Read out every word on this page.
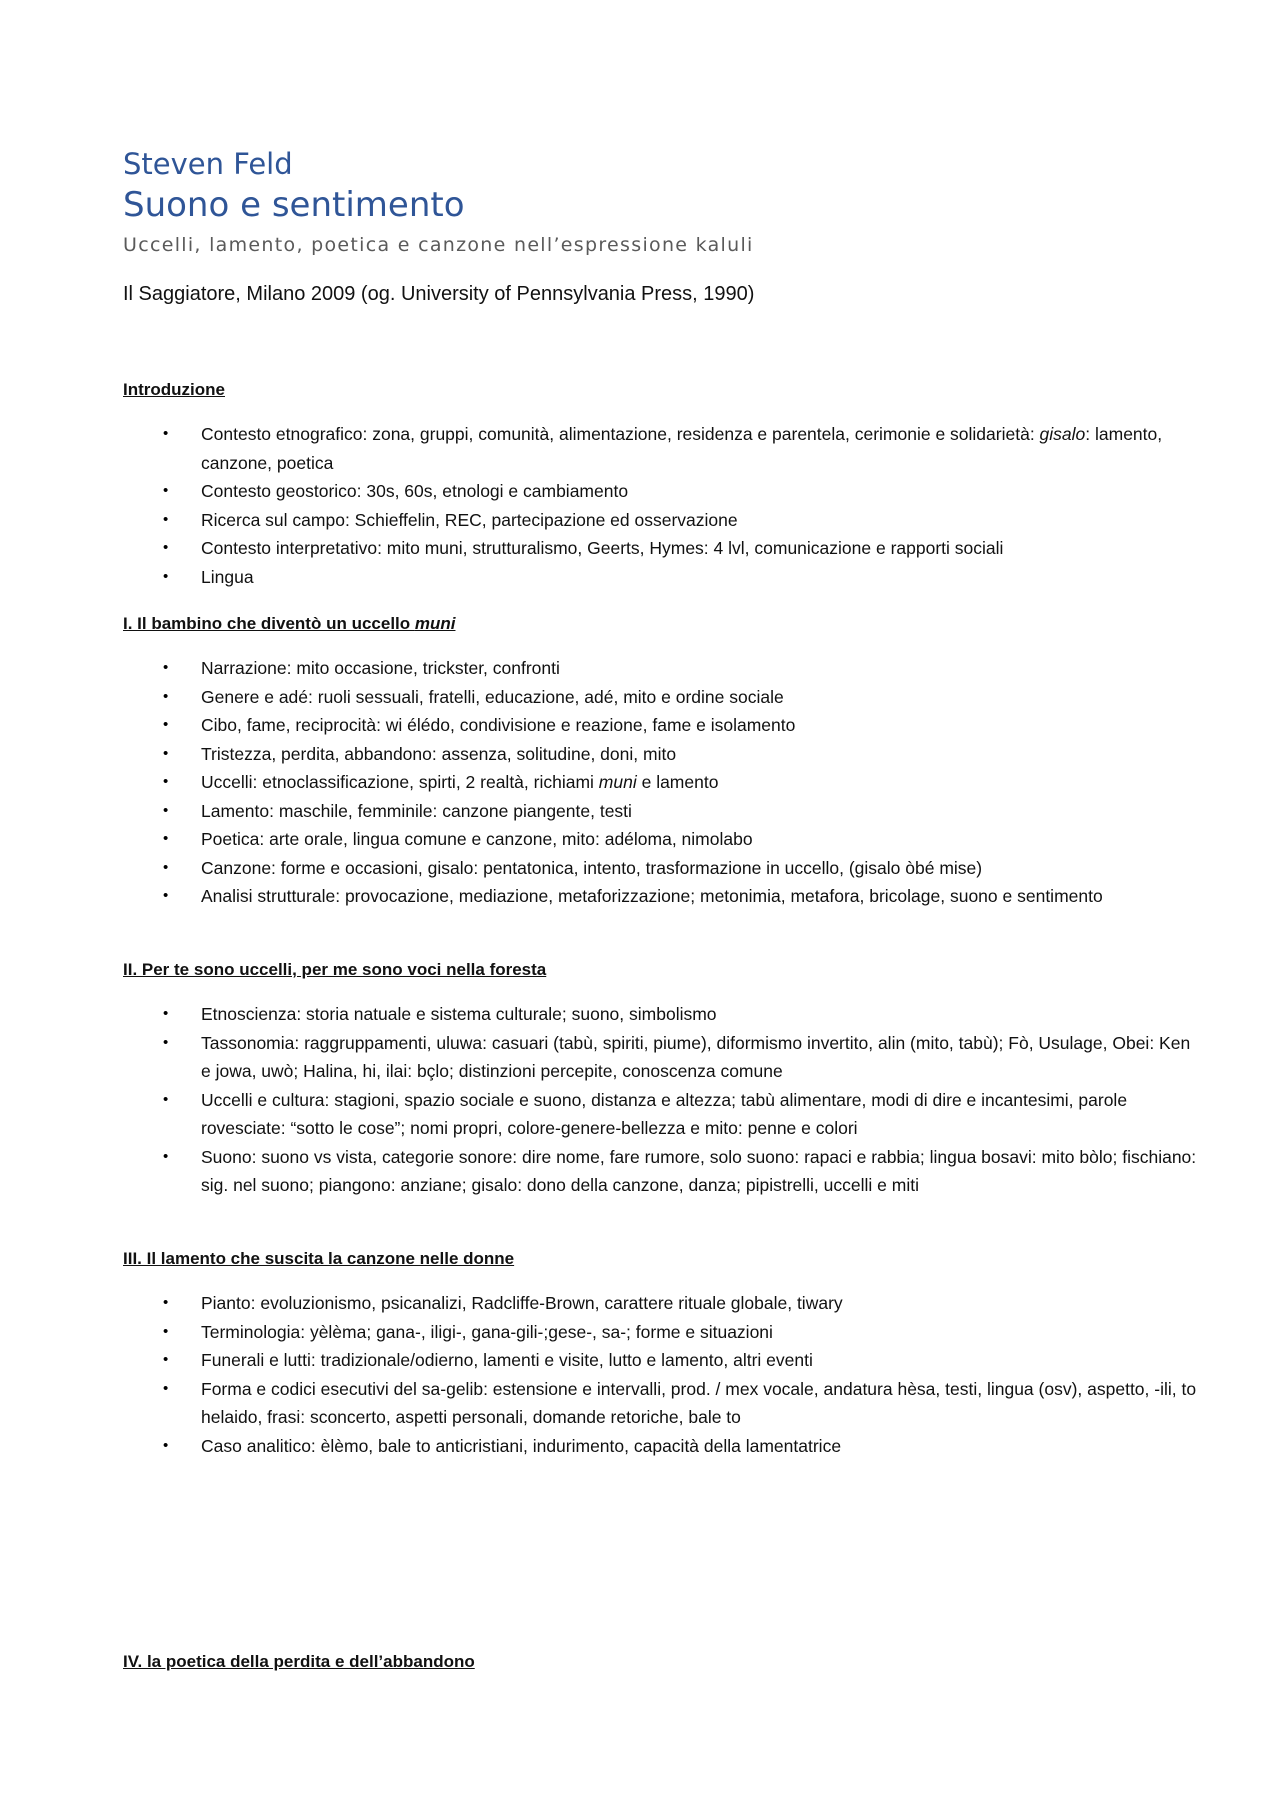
Steven Feld
Suono e sentimento

Uccelli, lamento, poetica e canzone nell’espressione kaluli

Il Saggiatore, Milano 2009 (og. University of Pennsylvania Press, 1990)

Introduzione

• Contesto etnografico: zona, gruppi, comunità, alimentazione, residenza e parentela, cerimonie e solidarietà: gisalo: lamento, canzone, poetica
• Contesto geostorico: 30s, 60s, etnologi e cambiamento
• Ricerca sul campo: Schieffelin, REC, partecipazione ed osservazione
• Contesto interpretativo: mito muni, strutturalismo, Geerts, Hymes: 4 lvl, comunicazione e rapporti sociali
• Lingua

I. Il bambino che diventò un uccello muni

• Narrazione: mito occasione, trickster, confronti
• Genere e adé: ruoli sessuali, fratelli, educazione, adé, mito e ordine sociale
• Cibo, fame, reciprocità: wi élédo, condivisione e reazione, fame e isolamento
• Tristezza, perdita, abbandono: assenza, solitudine, doni, mito
• Uccelli: etnoclassificazione, spirti, 2 realtà, richiami muni e lamento
• Lamento: maschile, femminile: canzone piangente, testi
• Poetica: arte orale, lingua comune e canzone, mito: adéloma, nimolabo
• Canzone: forme e occasioni, gisalo: pentatonica, intento, trasformazione in uccello, (gisalo òbé mise)
• Analisi strutturale: provocazione, mediazione, metaforizzazione; metonimia, metafora, bricolage, suono e sentimento

II. Per te sono uccelli, per me sono voci nella foresta

• Etnoscienza: storia natuale e sistema culturale; suono, simbolismo
• Tassonomia: raggruppamenti, uluwa: casuari (tabù, spiriti, piume), diformismo invertito, alin (mito, tabù); Fò, Usulage, Obei: Ken e jowa, uwò; Halina, hi, ilai: bçlo; distinzioni percepite, conoscenza comune
• Uccelli e cultura: stagioni, spazio sociale e suono, distanza e altezza; tabù alimentare, modi di dire e incantesimi, parole rovesciate: “sotto le cose”; nomi propri, colore-genere-bellezza e mito: penne e colori
• Suono: suono vs vista, categorie sonore: dire nome, fare rumore, solo suono: rapaci e rabbia; lingua bosavi: mito bòlo; fischiano: sig. nel suono; piangono: anziane; gisalo: dono della canzone, danza; pipistrelli, uccelli e miti

III. Il lamento che suscita la canzone nelle donne

• Pianto: evoluzionismo, psicanalizi, Radcliffe-Brown, carattere rituale globale, tiwary
• Terminologia: yèlèma; gana-, iligi-, gana-gili-;gese-, sa-; forme e situazioni
• Funerali e lutti: tradizionale/odierno, lamenti e visite, lutto e lamento, altri eventi
• Forma e codici esecutivi del sa-gelib: estensione e intervalli, prod. / mex vocale, andatura hèsa, testi, lingua (osv), aspetto, -ili, to helaido, frasi: sconcerto, aspetti personali, domande retoriche, bale to
• Caso analitico: èlèmo, bale to anticristiani, indurimento, capacità della lamentatrice

IV. la poetica della perdita e dell’abbandono
